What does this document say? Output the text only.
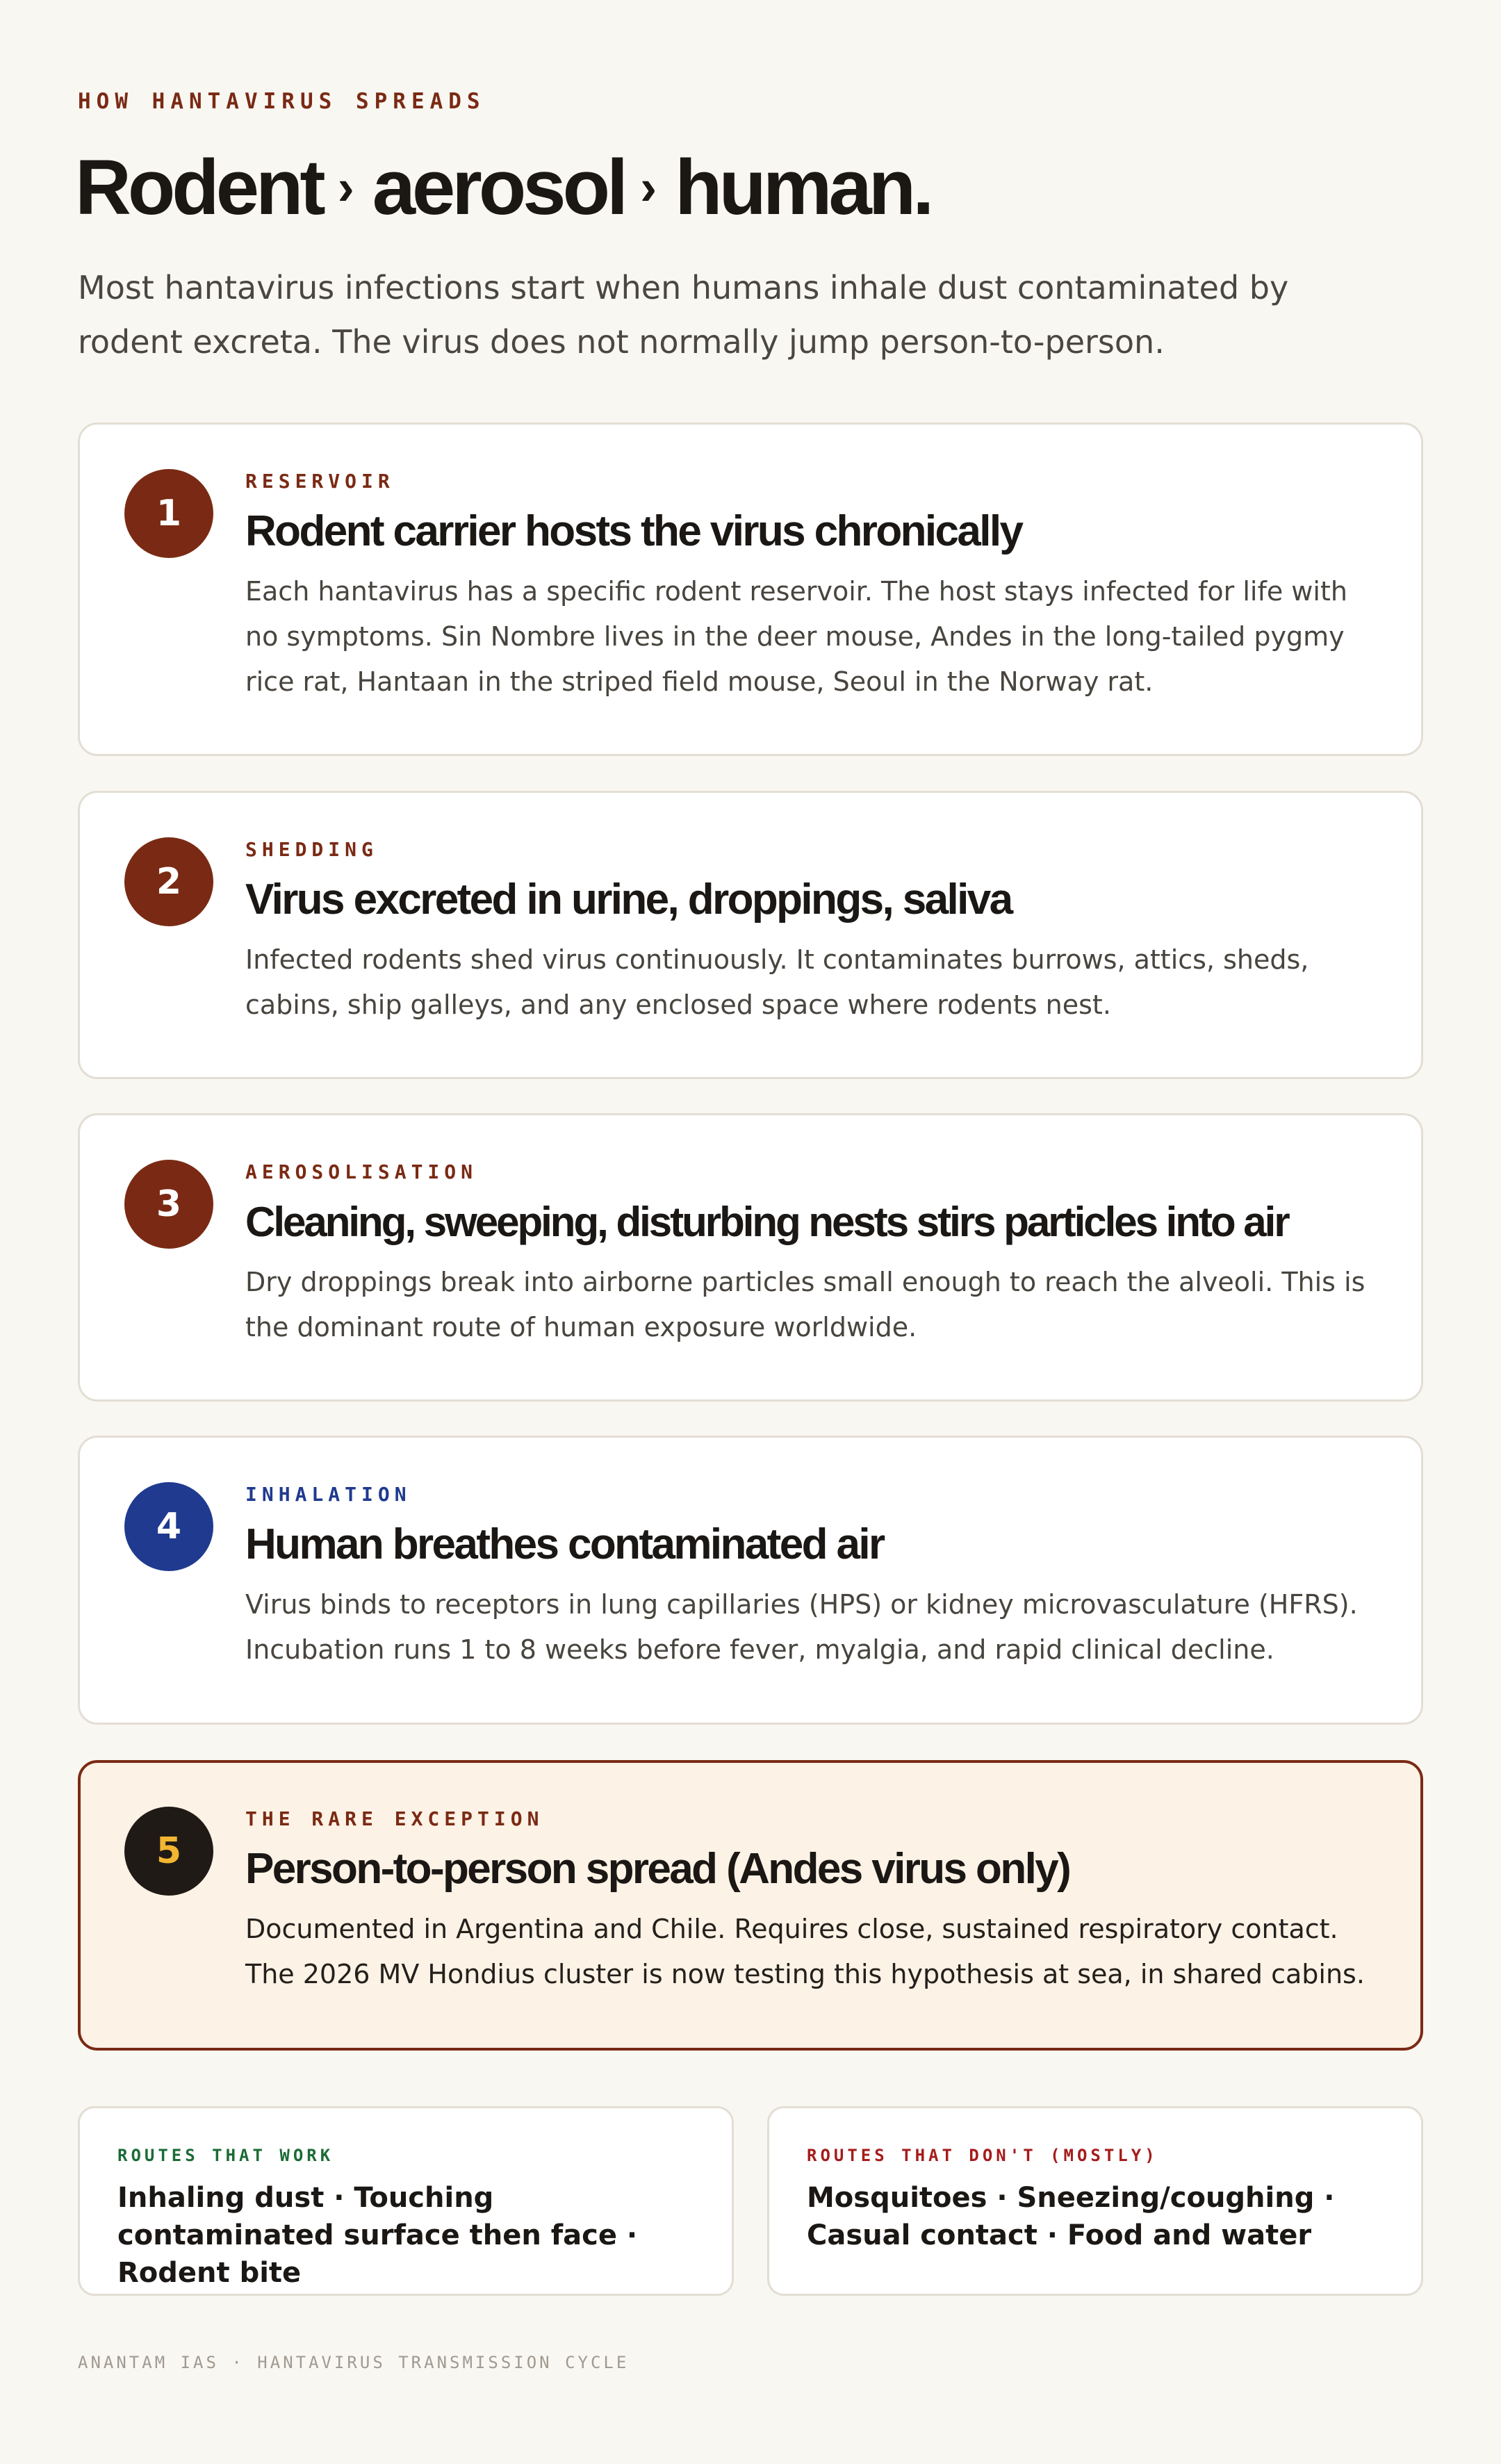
HOW HANTAVIRUS SPREADS
Rodent › aerosol › human.

Most hantavirus infections start when humans inhale dust contaminated by rodent excreta. The virus does not normally jump person-to-person.

1
RESERVOIR
Rodent carrier hosts the virus chronically
Each hantavirus has a specific rodent reservoir. The host stays infected for life with no symptoms. Sin Nombre lives in the deer mouse, Andes in the long-tailed pygmy rice rat, Hantaan in the striped field mouse, Seoul in the Norway rat.
2
SHEDDING
Virus excreted in urine, droppings, saliva
Infected rodents shed virus continuously. It contaminates burrows, attics, sheds, cabins, ship galleys, and any enclosed space where rodents nest.
3
AEROSOLISATION
Cleaning, sweeping, disturbing nests stirs particles into air
Dry droppings break into airborne particles small enough to reach the alveoli. This is the dominant route of human exposure worldwide.
4
INHALATION
Human breathes contaminated air
Virus binds to receptors in lung capillaries (HPS) or kidney microvasculature (HFRS). Incubation runs 1 to 8 weeks before fever, myalgia, and rapid clinical decline.
5
THE RARE EXCEPTION
Person-to-person spread (Andes virus only)
Documented in Argentina and Chile. Requires close, sustained respiratory contact. The 2026 MV Hondius cluster is now testing this hypothesis at sea, in shared cabins.
ROUTES THAT WORK
Inhaling dust · Touching contaminated surface then face · Rodent bite
ROUTES THAT DON'T (MOSTLY)
Mosquitoes · Sneezing/coughing · Casual contact · Food and water
ANANTAM IAS · HANTAVIRUS TRANSMISSION CYCLE
